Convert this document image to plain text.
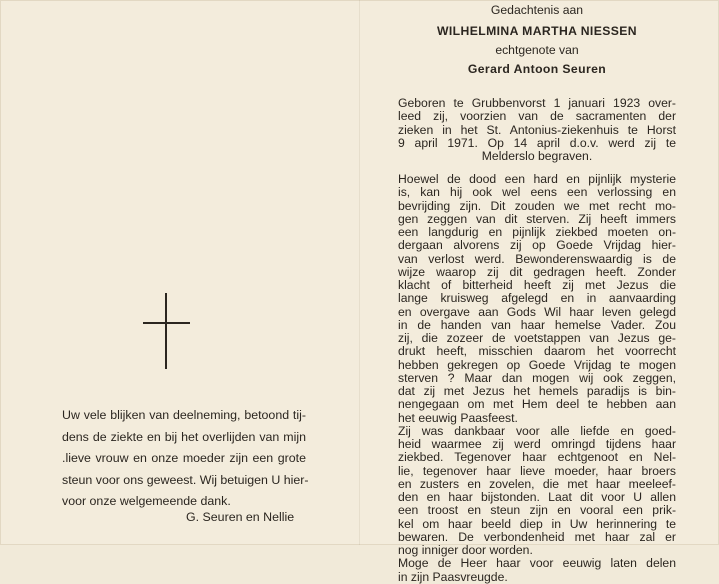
Uw vele blijken van deelneming, betoond tij-
dens de ziekte en bij het overlijden van mijn
.lieve vrouw en onze moeder zijn een grote
steun voor ons geweest. Wij betuigen U hier-
voor onze welgemeende dank.
G. Seuren en Nellie
Gedachtenis aan
WILHELMINA MARTHA NIESSEN
echtgenote van
Gerard Antoon Seuren
Geboren te Grubbenvorst 1 januari 1923 over-
leed zij, voorzien van de sacramenten der
zieken in het St. Antonius-ziekenhuis te Horst
9 april 1971. Op 14 april d.o.v. werd zij te
Melderslo begraven.
Hoewel de dood een hard en pijnlijk mysterie
is, kan hij ook wel eens een verlossing en
bevrijding zijn. Dit zouden we met recht mo-
gen zeggen van dit sterven. Zij heeft immers
een langdurig en pijnlijk ziekbed moeten on-
dergaan alvorens zij op Goede Vrijdag hier-
van verlost werd. Bewonderenswaardig is de
wijze waarop zij dit gedragen heeft. Zonder
klacht of bitterheid heeft zij met Jezus die
lange kruisweg afgelegd en in aanvaarding
en overgave aan Gods Wil haar leven gelegd
in de handen van haar hemelse Vader. Zou
zij, die zozeer de voetstappen van Jezus ge-
drukt heeft, misschien daarom het voorrecht
hebben gekregen op Goede Vrijdag te mogen
sterven ? Maar dan mogen wij ook zeggen,
dat zij met Jezus het hemels paradijs is bin-
nengegaan om met Hem deel te hebben aan
het eeuwig Paasfeest.
Zij was dankbaar voor alle liefde en goed-
heid waarmee zij werd omringd tijdens haar
ziekbed. Tegenover haar echtgenoot en Nel-
lie, tegenover haar lieve moeder, haar broers
en zusters en zovelen, die met haar meeleef-
den en haar bijstonden. Laat dit voor U allen
een troost en steun zijn en vooral een prik-
kel om haar beeld diep in Uw herinnering te
bewaren. De verbondenheid met haar zal er
nog inniger door worden.
Moge de Heer haar voor eeuwig laten delen
in zijn Paasvreugde.
